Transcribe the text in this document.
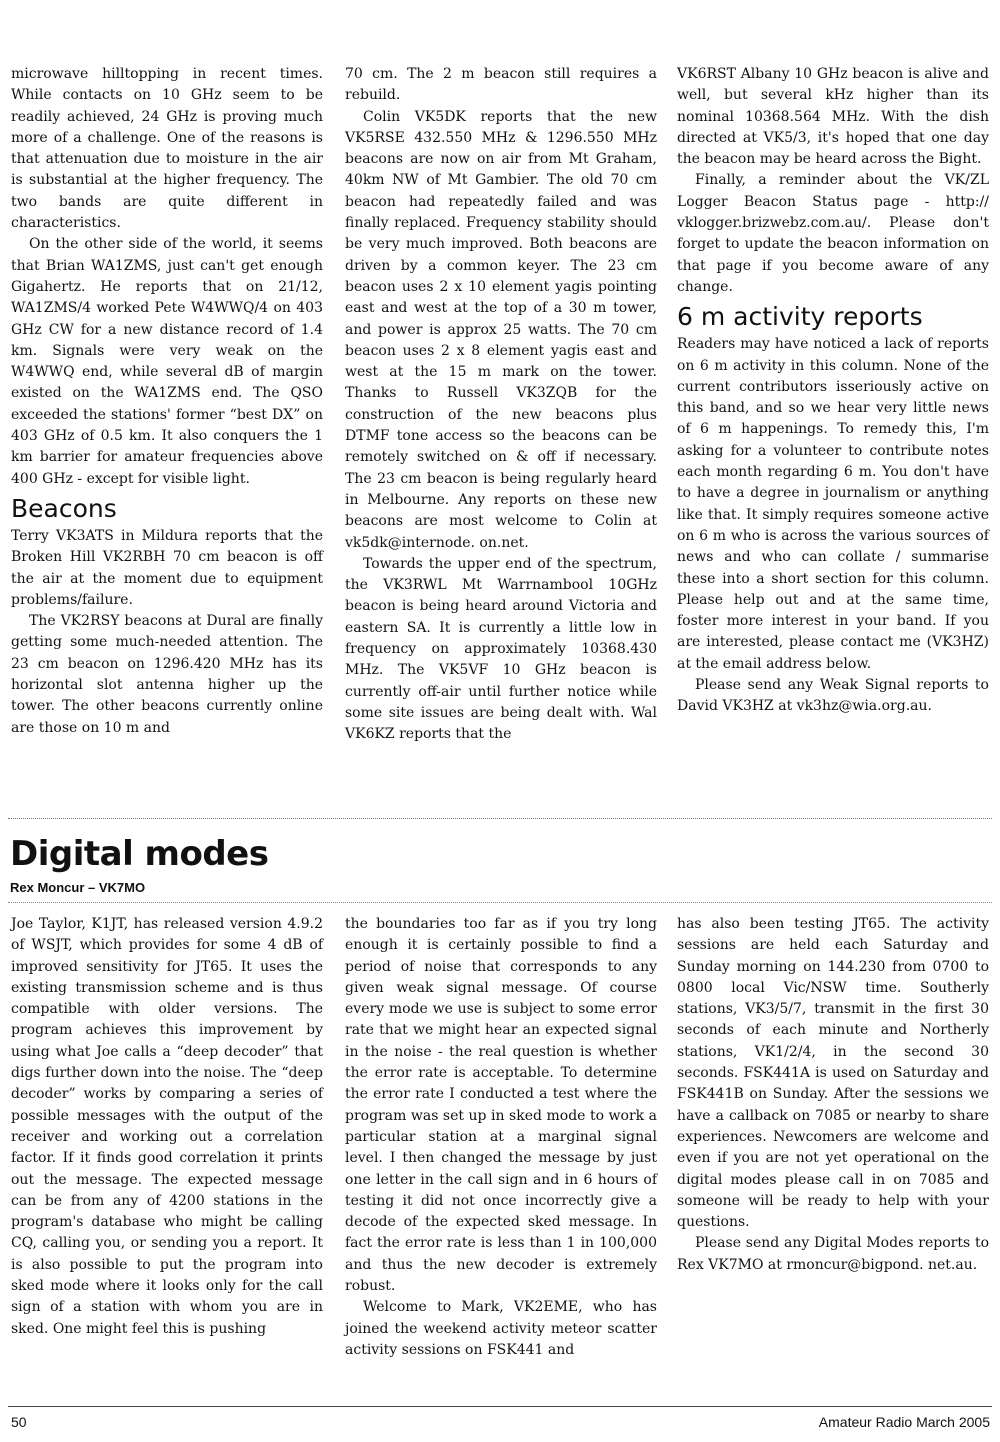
microwave hilltopping in recent times. While contacts on 10 GHz seem to be readily achieved, 24 GHz is proving much more of a challenge. One of the reasons is that attenuation due to moisture in the air is substantial at the higher frequency. The two bands are quite different in characteristics.

On the other side of the world, it seems that Brian WA1ZMS, just can't get enough Gigahertz. He reports that on 21/12, WA1ZMS/4 worked Pete W4WWQ/4 on 403 GHz CW for a new distance record of 1.4 km. Signals were very weak on the W4WWQ end, while several dB of margin existed on the WA1ZMS end. The QSO exceeded the stations' former “best DX” on 403 GHz of 0.5 km. It also conquers the 1 km barrier for amateur frequencies above 400 GHz - except for visible light.

Beacons

Terry VK3ATS in Mildura reports that the Broken Hill VK2RBH 70 cm beacon is off the air at the moment due to equipment problems/failure.

The VK2RSY beacons at Dural are finally getting some much-needed attention. The 23 cm beacon on 1296.420 MHz has its horizontal slot antenna higher up the tower. The other beacons currently online are those on 10 m and

70 cm. The 2 m beacon still requires a rebuild.

Colin VK5DK reports that the new VK5RSE 432.550 MHz & 1296.550 MHz beacons are now on air from Mt Graham, 40km NW of Mt Gambier. The old 70 cm beacon had repeatedly failed and was finally replaced. Frequency stability should be very much improved. Both beacons are driven by a common keyer. The 23 cm beacon uses 2 x 10 element yagis pointing east and west at the top of a 30 m tower, and power is approx 25 watts. The 70 cm beacon uses 2 x 8 element yagis east and west at the 15 m mark on the tower. Thanks to Russell VK3ZQB for the construction of the new beacons plus DTMF tone access so the beacons can be remotely switched on & off if necessary. The 23 cm beacon is being regularly heard in Melbourne. Any reports on these new beacons are most welcome to Colin at vk5dk@internode. on.net.

Towards the upper end of the spectrum, the VK3RWL Mt Warrnambool 10GHz beacon is being heard around Victoria and eastern SA. It is currently a little low in frequency on approximately 10368.430 MHz. The VK5VF 10 GHz beacon is currently off-air until further notice while some site issues are being dealt with. Wal VK6KZ reports that the

VK6RST Albany 10 GHz beacon is alive and well, but several kHz higher than its nominal 10368.564 MHz. With the dish directed at VK5/3, it's hoped that one day the beacon may be heard across the Bight.

Finally, a reminder about the VK/ZL Logger Beacon Status page - http:// vklogger.brizwebz.com.au/. Please don't forget to update the beacon information on that page if you become aware of any change.

6 m activity reports

Readers may have noticed a lack of reports on 6 m activity in this column. None of the current contributors isseriously active on this band, and so we hear very little news of 6 m happenings. To remedy this, I'm asking for a volunteer to contribute notes each month regarding 6 m. You don't have to have a degree in journalism or anything like that. It simply requires someone active on 6 m who is across the various sources of news and who can collate / summarise these into a short section for this column. Please help out and at the same time, foster more interest in your band. If you are interested, please contact me (VK3HZ) at the email address below.

Please send any Weak Signal reports to David VK3HZ at vk3hz@wia.org.au.

Digital modes

Rex Moncur – VK7MO

Joe Taylor, K1JT, has released version 4.9.2 of WSJT, which provides for some 4 dB of improved sensitivity for JT65. It uses the existing transmission scheme and is thus compatible with older versions. The program achieves this improvement by using what Joe calls a “deep decoder” that digs further down into the noise. The “deep decoder” works by comparing a series of possible messages with the output of the receiver and working out a correlation factor. If it finds good correlation it prints out the message. The expected message can be from any of 4200 stations in the program's database who might be calling CQ, calling you, or sending you a report. It is also possible to put the program into sked mode where it looks only for the call sign of a station with whom you are in sked. One might feel this is pushing

the boundaries too far as if you try long enough it is certainly possible to find a period of noise that corresponds to any given weak signal message. Of course every mode we use is subject to some error rate that we might hear an expected signal in the noise - the real question is whether the error rate is acceptable. To determine the error rate I conducted a test where the program was set up in sked mode to work a particular station at a marginal signal level. I then changed the message by just one letter in the call sign and in 6 hours of testing it did not once incorrectly give a decode of the expected sked message. In fact the error rate is less than 1 in 100,000 and thus the new decoder is extremely robust.

Welcome to Mark, VK2EME, who has joined the weekend activity meteor scatter activity sessions on FSK441 and

has also been testing JT65. The activity sessions are held each Saturday and Sunday morning on 144.230 from 0700 to 0800 local Vic/NSW time. Southerly stations, VK3/5/7, transmit in the first 30 seconds of each minute and Northerly stations, VK1/2/4, in the second 30 seconds. FSK441A is used on Saturday and FSK441B on Sunday. After the sessions we have a callback on 7085 or nearby to share experiences. Newcomers are welcome and even if you are not yet operational on the digital modes please call in on 7085 and someone will be ready to help with your questions.

Please send any Digital Modes reports to Rex VK7MO at rmoncur@bigpond. net.au.

50	Amateur Radio March 2005
